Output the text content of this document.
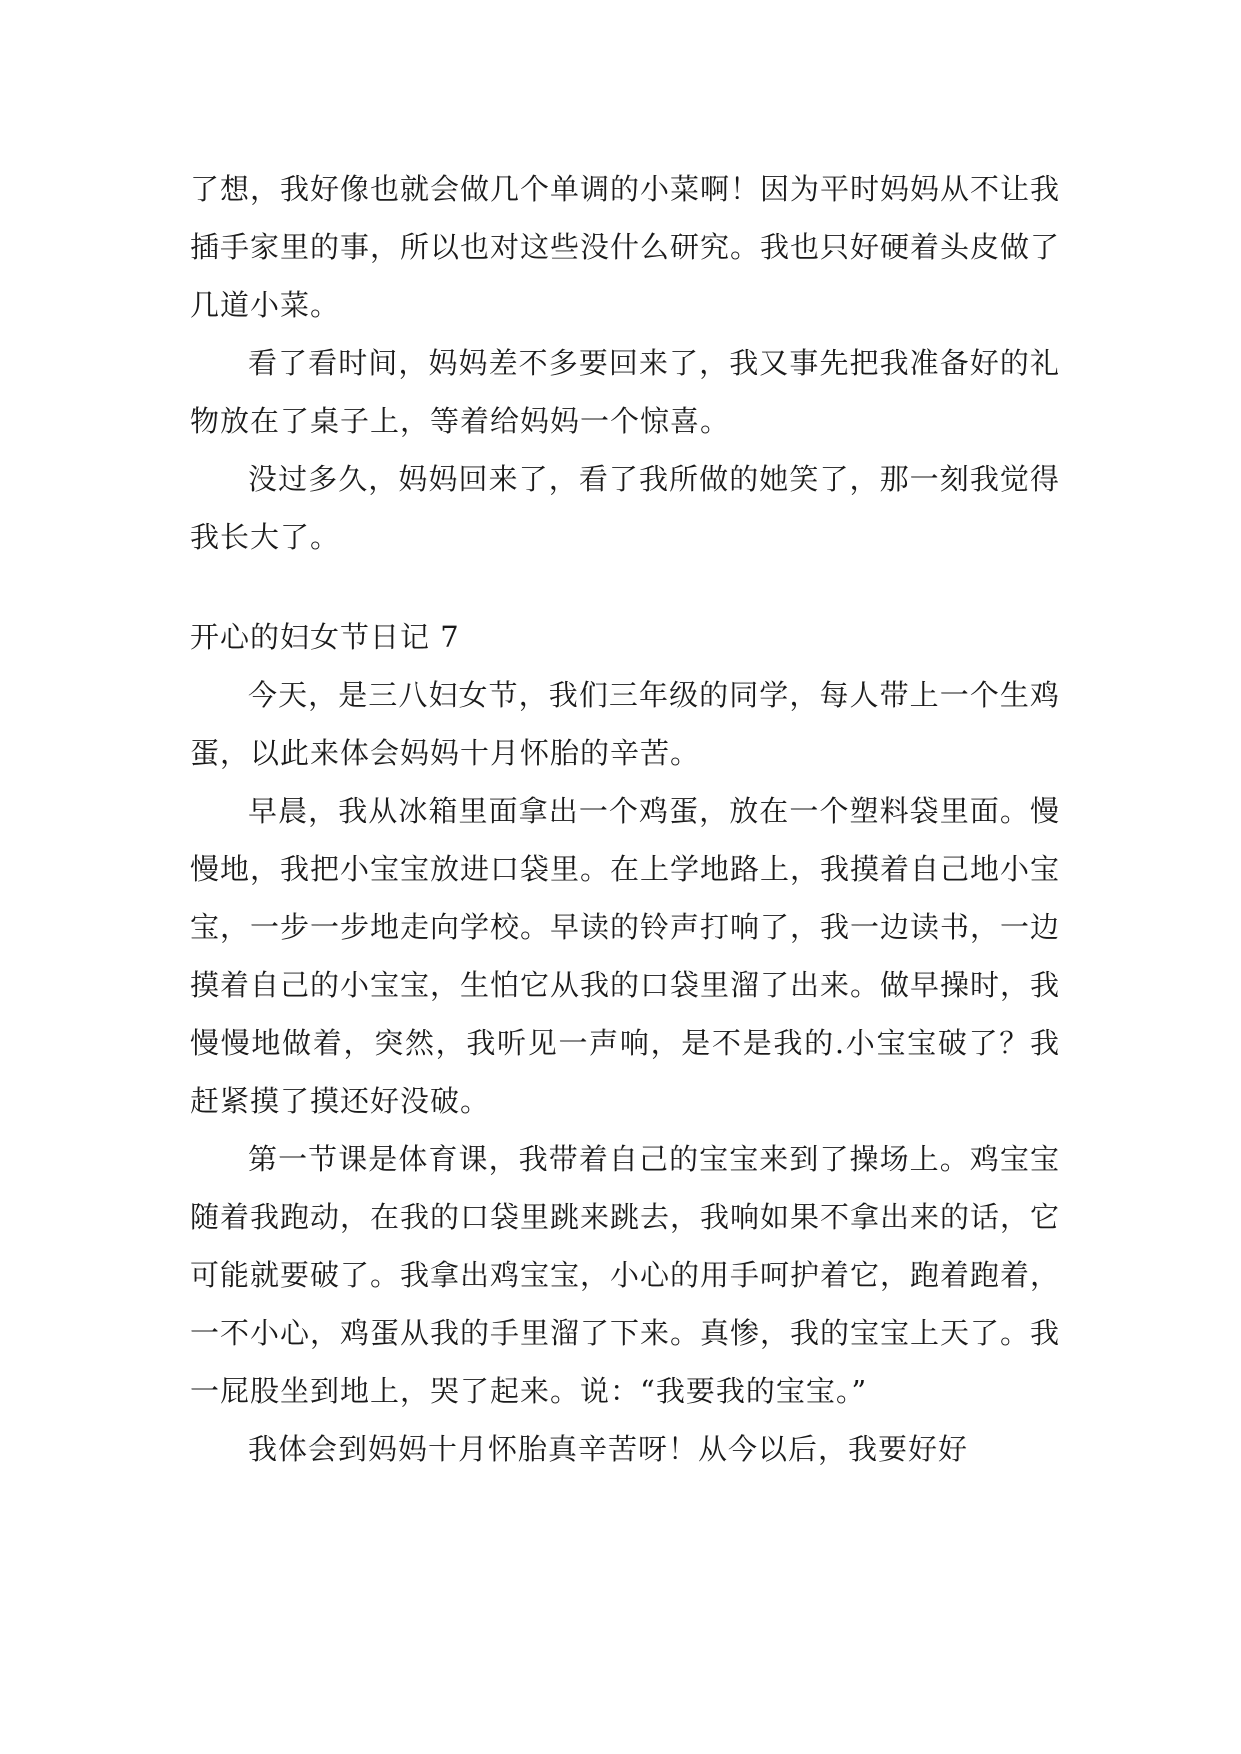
了想，我好像也就会做几个单调的小菜啊！因为平时妈妈从不让我插手家里的事，所以也对这些没什么研究。我也只好硬着头皮做了几道小菜。

看了看时间，妈妈差不多要回来了，我又事先把我准备好的礼物放在了桌子上，等着给妈妈一个惊喜。

没过多久，妈妈回来了，看了我所做的她笑了，那一刻我觉得我长大了。

开心的妇女节日记 7

今天，是三八妇女节，我们三年级的同学，每人带上一个生鸡蛋，以此来体会妈妈十月怀胎的辛苦。

早晨，我从冰箱里面拿出一个鸡蛋，放在一个塑料袋里面。慢慢地，我把小宝宝放进口袋里。在上学地路上，我摸着自己地小宝宝，一步一步地走向学校。早读的铃声打响了，我一边读书，一边摸着自己的小宝宝，生怕它从我的口袋里溜了出来。做早操时，我慢慢地做着，突然，我听见一声响，是不是我的.小宝宝破了？我赶紧摸了摸还好没破。

第一节课是体育课，我带着自己的宝宝来到了操场上。鸡宝宝随着我跑动，在我的口袋里跳来跳去，我响如果不拿出来的话，它可能就要破了。我拿出鸡宝宝，小心的用手呵护着它，跑着跑着，一不小心，鸡蛋从我的手里溜了下来。真惨，我的宝宝上天了。我一屁股坐到地上，哭了起来。说：“我要我的宝宝。”

我体会到妈妈十月怀胎真辛苦呀！从今以后，我要好好
